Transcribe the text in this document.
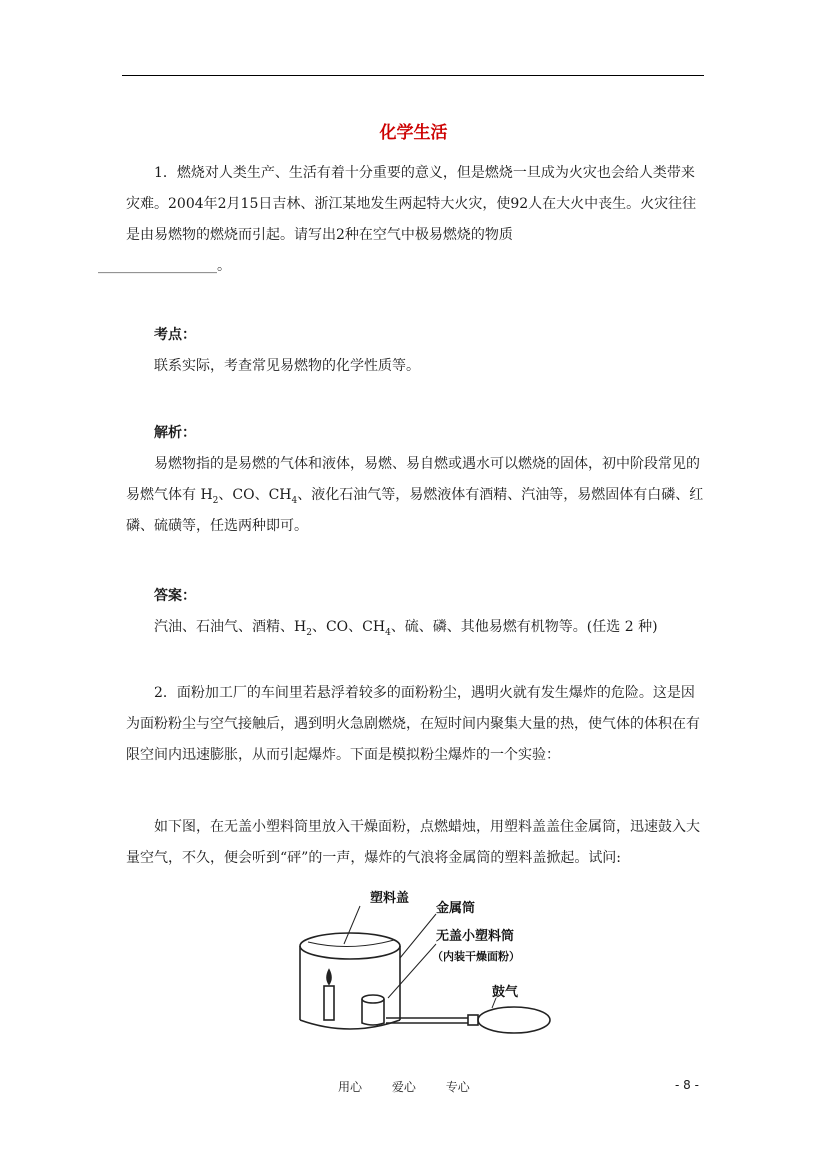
化学生活
1．燃烧对人类生产、生活有着十分重要的意义，但是燃烧一旦成为火灾也会给人类带来灾难。2004年2月15日吉林、浙江某地发生两起特大火灾，使92人在大火中丧生。火灾往往是由易燃物的燃烧而引起。请写出2种在空气中极易燃烧的物质
_________________。
考点：
联系实际，考查常见易燃物的化学性质等。
解析：
易燃物指的是易燃的气体和液体，易燃、易自燃或遇水可以燃烧的固体，初中阶段常见的易燃气体有 $H_2$、CO、$CH_4$、液化石油气等，易燃液体有酒精、汽油等，易燃固体有白磷、红磷、硫磺等，任选两种即可。
答案：
汽油、石油气、酒精、$H_2$、CO、$CH_4$、硫、磷、其他易燃有机物等。(任选 2 种)
2．面粉加工厂的车间里若悬浮着较多的面粉粉尘，遇明火就有发生爆炸的危险。这是因为面粉粉尘与空气接触后，遇到明火急剧燃烧，在短时间内聚集大量的热，使气体的体积在有限空间内迅速膨胀，从而引起爆炸。下面是模拟粉尘爆炸的一个实验：
如下图，在无盖小塑料筒里放入干燥面粉，点燃蜡烛，用塑料盖盖住金属筒，迅速鼓入大量空气，不久，便会听到“砰”的一声，爆炸的气浪将金属筒的塑料盖掀起。试问:
塑料盖
金属筒
无盖小塑料筒
（内装干燥面粉）
鼓气
用心 爱心 专心	- 8 -
